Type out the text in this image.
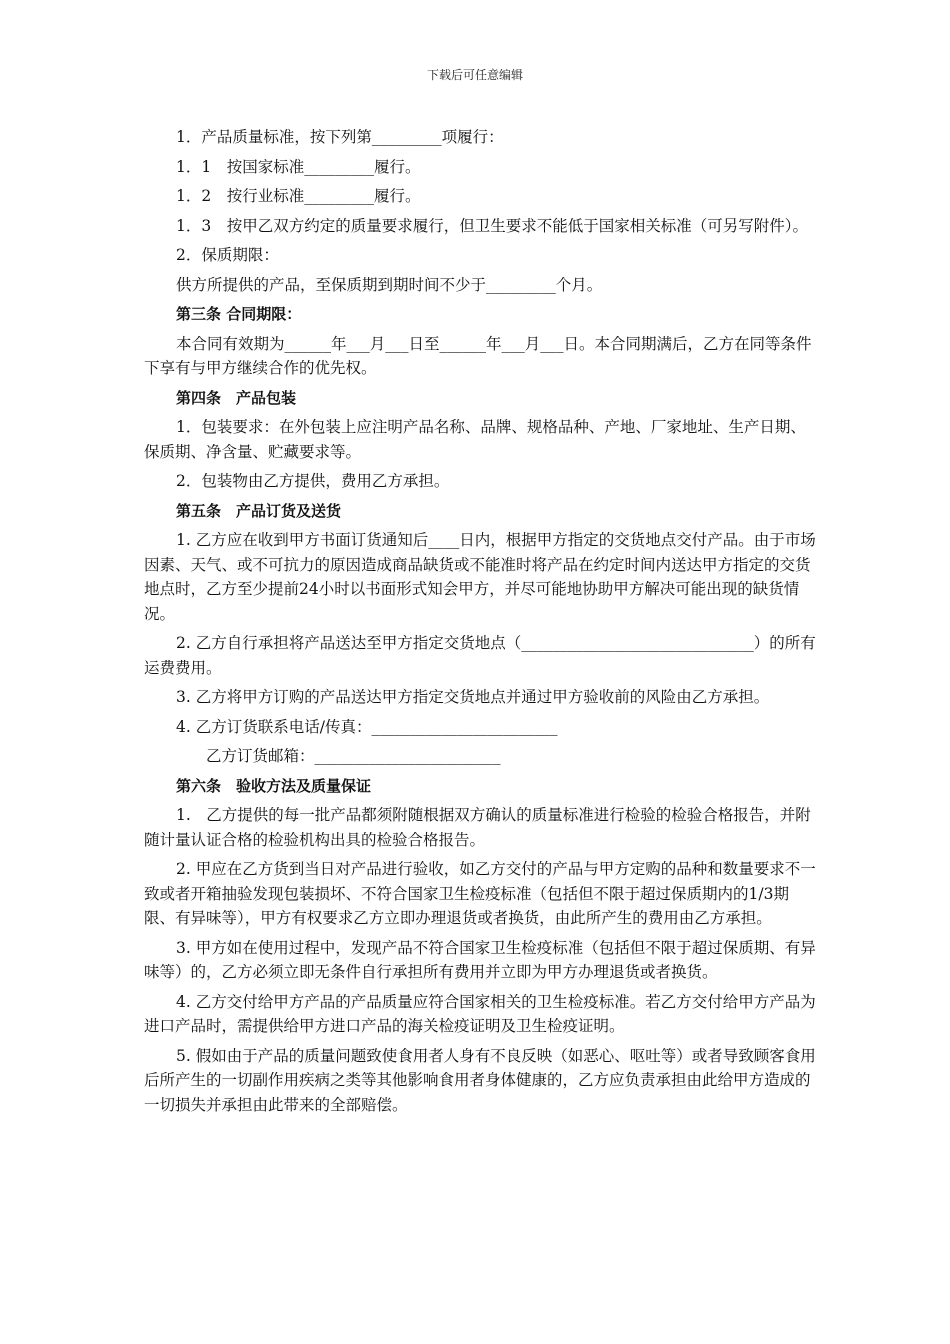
下载后可任意编辑

1．产品质量标准，按下列第_________项履行：

1．1　按国家标准_________履行。

1．2　按行业标准_________履行。

1．3　按甲乙双方约定的质量要求履行，但卫生要求不能低于国家相关标准（可另写附件）。

2．保质期限：

供方所提供的产品，至保质期到期时间不少于_________个月。

第三条 合同期限：

本合同有效期为______年___月___日至______年___月___日。本合同期满后，乙方在同等条件下享有与甲方继续合作的优先权。

第四条　产品包装

1．包装要求：在外包装上应注明产品名称、品牌、规格品种、产地、厂家地址、生产日期、保质期、净含量、贮藏要求等。

2．包装物由乙方提供，费用乙方承担。

第五条　产品订货及送货

1. 乙方应在收到甲方书面订货通知后____日内，根据甲方指定的交货地点交付产品。由于市场因素、天气、或不可抗力的原因造成商品缺货或不能准时将产品在约定时间内送达甲方指定的交货地点时，乙方至少提前24小时以书面形式知会甲方，并尽可能地协助甲方解决可能出现的缺货情况。

2. 乙方自行承担将产品送达至甲方指定交货地点（______________________________）的所有运费费用。

3. 乙方将甲方订购的产品送达甲方指定交货地点并通过甲方验收前的风险由乙方承担。

4. 乙方订货联系电话/传真：________________________

乙方订货邮箱：________________________

第六条　验收方法及质量保证

1.　乙方提供的每一批产品都须附随根据双方确认的质量标准进行检验的检验合格报告，并附随计量认证合格的检验机构出具的检验合格报告。

2. 甲应在乙方货到当日对产品进行验收，如乙方交付的产品与甲方定购的品种和数量要求不一致或者开箱抽验发现包装损坏、不符合国家卫生检疫标准（包括但不限于超过保质期内的1/3期限、有异味等），甲方有权要求乙方立即办理退货或者换货，由此所产生的费用由乙方承担。

3. 甲方如在使用过程中，发现产品不符合国家卫生检疫标准（包括但不限于超过保质期、有异味等）的，乙方必须立即无条件自行承担所有费用并立即为甲方办理退货或者换货。

4. 乙方交付给甲方产品的产品质量应符合国家相关的卫生检疫标准。若乙方交付给甲方产品为进口产品时，需提供给甲方进口产品的海关检疫证明及卫生检疫证明。

5. 假如由于产品的质量问题致使食用者人身有不良反映（如恶心、呕吐等）或者导致顾客食用后所产生的一切副作用疾病之类等其他影响食用者身体健康的，乙方应负责承担由此给甲方造成的一切损失并承担由此带来的全部赔偿。
